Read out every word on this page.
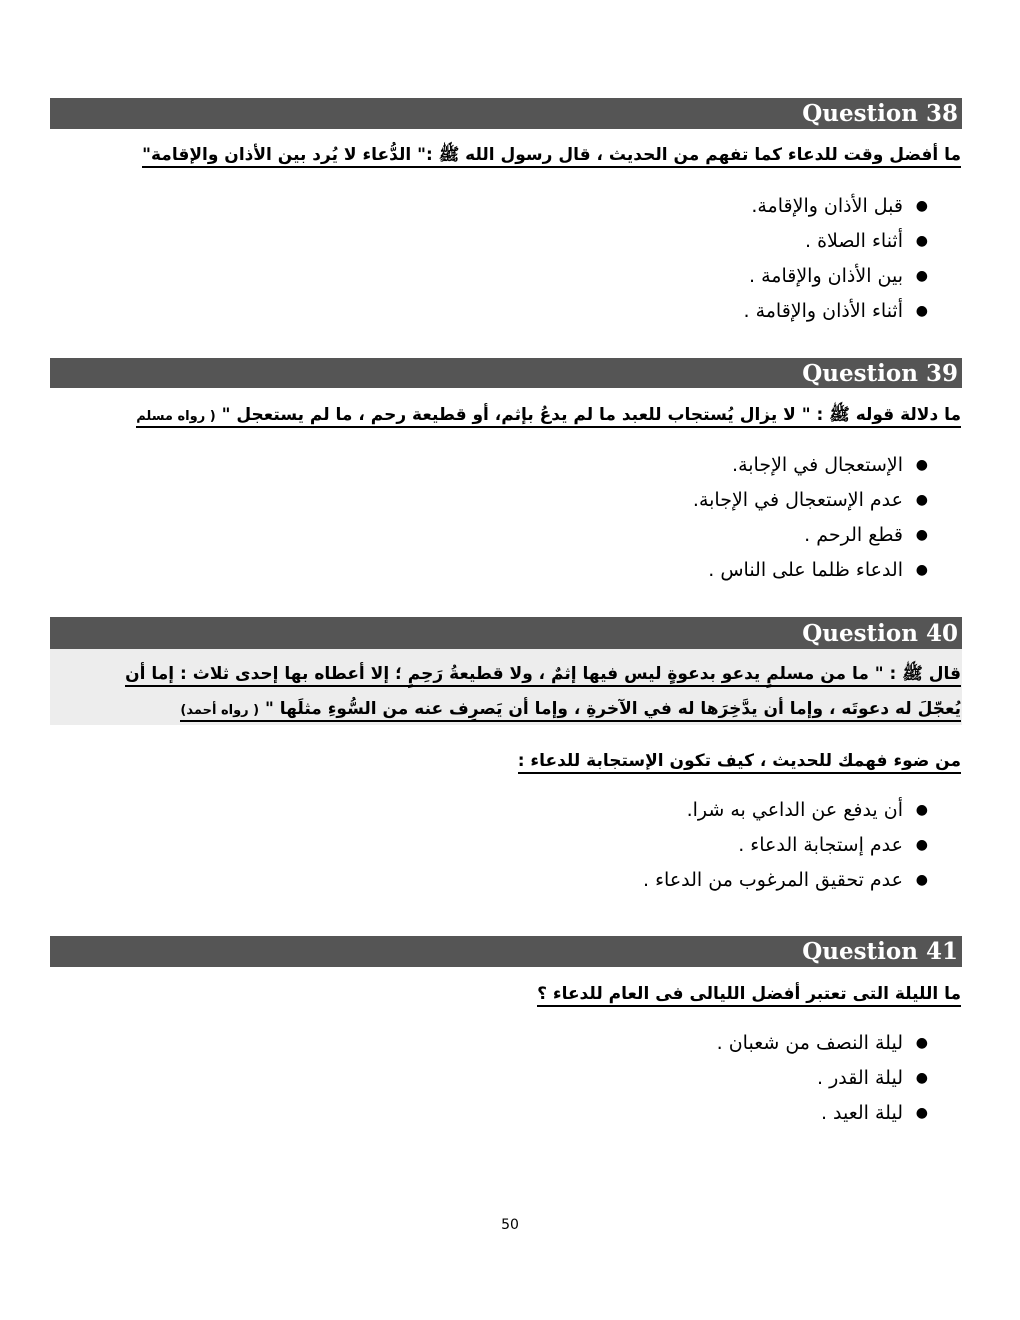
Question 38
ما أفضل وقت للدعاء كما تفهم من الحديث ، قال رسول الله ﷺ :" الدُّعاء لا يُرد بين الأذان والإقامة"
●
قبل الأذان والإقامة.
●
أثناء الصلاة .
●
بين الأذان والإقامة .
●
أثناء الأذان والإقامة .
Question 39
ما دلالة قوله ﷺ : " لا يزال يُستجاب للعبد ما لم يدعُ بإثم، أو قطيعة رحم ، ما لم يستعجل " ( رواه مسلم
●
الإستعجال في الإجابة.
●
عدم الإستعجال في الإجابة.
●
قطع الرحم .
●
الدعاء ظلما على الناس .
Question 40
قال ﷺ : " ما من مسلمٍ يدعو بدعوةٍ ليس فيها إثمٌ ، ولا قطيعةُ رَحِمٍ ؛ إلا أعطاه بها إحدى ثلاث : إما أن
يُعجّلَ له دعوتَه ، وإما أن يدَّخِرَها له في الآخرةِ ، وإما أن يَصرِف عنه من السُّوءِ مثلَها " ( رواه أحمد)
من ضوء فهمك للحديث ، كيف تكون الإستجابة للدعاء :
●
أن يدفع عن الداعي به شرا.
●
عدم إستجابة الدعاء .
●
عدم تحقيق المرغوب من الدعاء .
Question 41
ما الليلة التى تعتبر أفضل الليالى فى العام للدعاء ؟
●
ليلة النصف من شعبان .
●
ليلة القدر .
●
ليلة العيد .
50
